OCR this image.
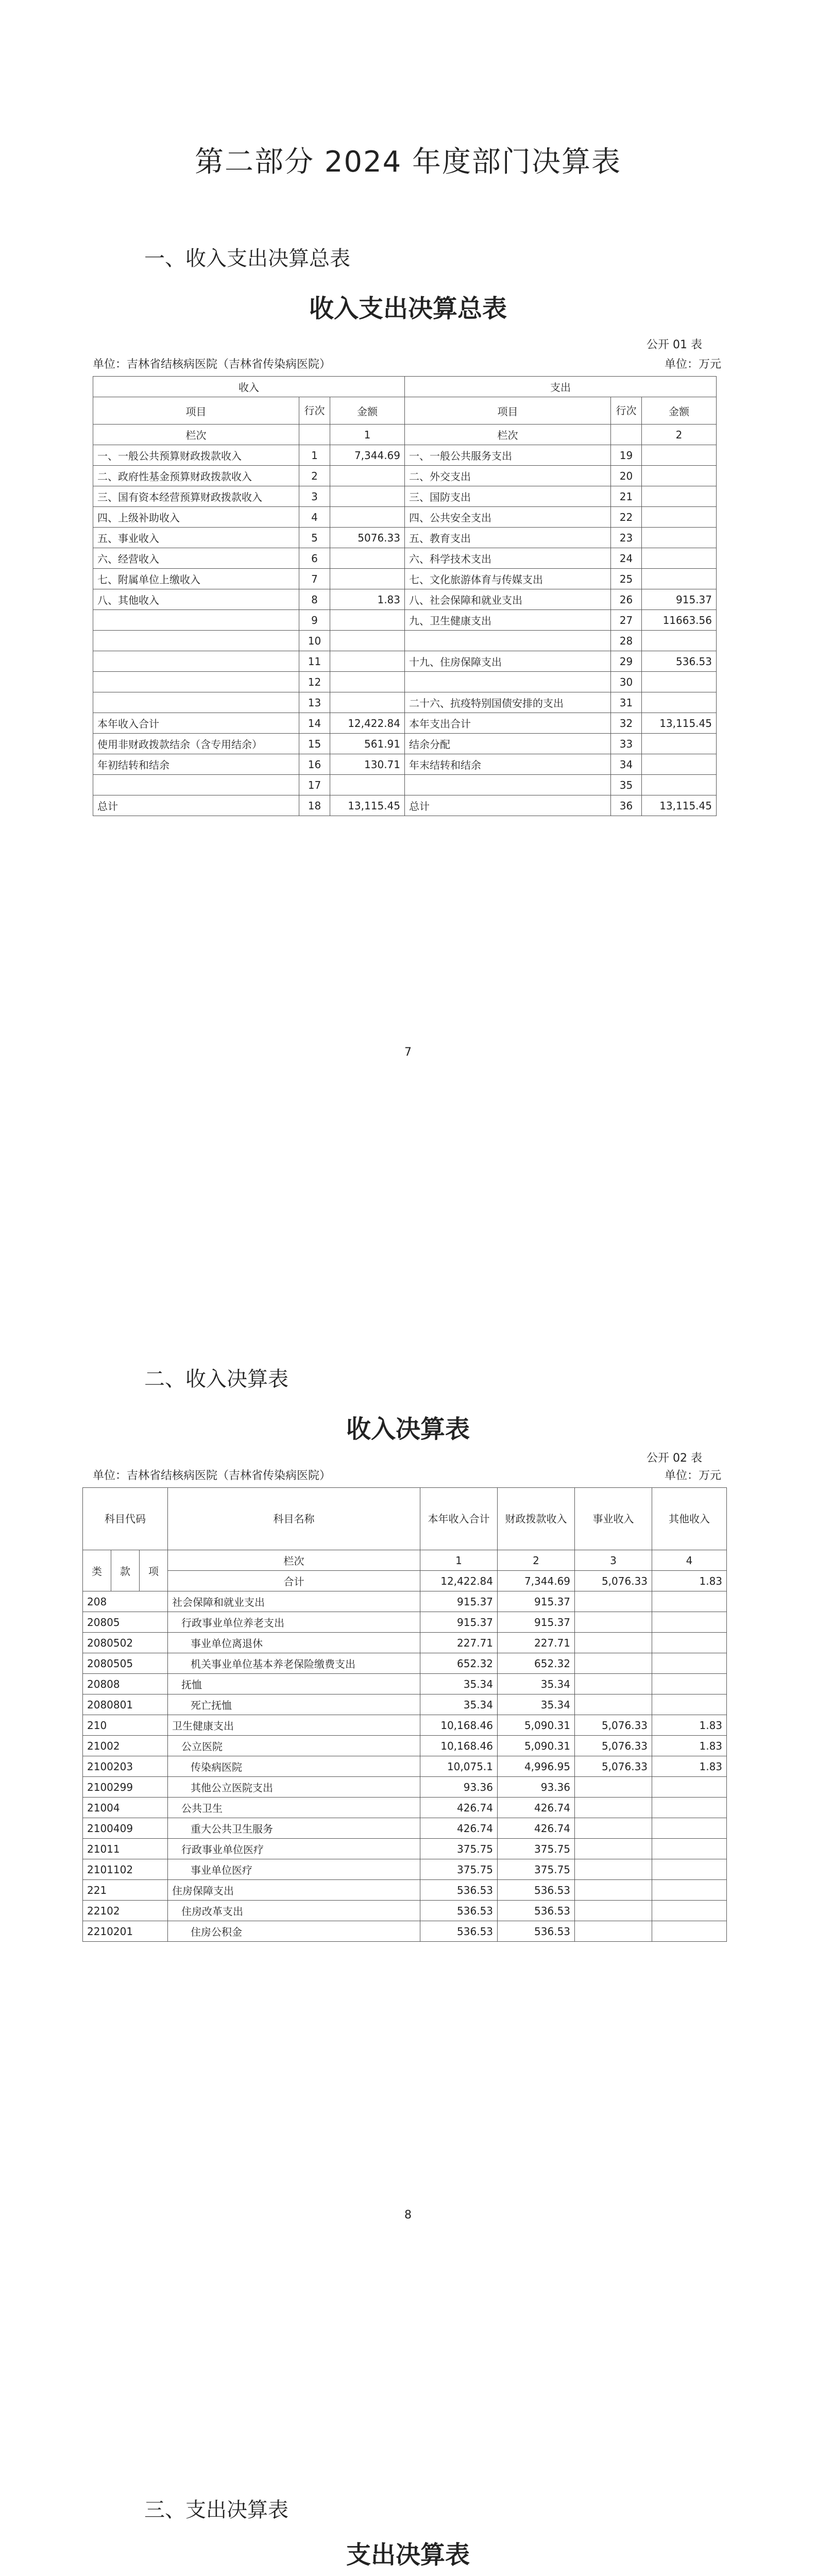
第二部分 2024 年度部门决算表
一、收入支出决算总表
收入支出决算总表
公开 01 表
单位：吉林省结核病医院（吉林省传染病医院）	单位：万元
收入			支出		
项目	行次	金额	项目	行次	金额
栏次		1	栏次		2
一、一般公共预算财政拨款收入	1	7,344.69	一、一般公共服务支出	19	
二、政府性基金预算财政拨款收入	2		二、外交支出	20	
三、国有资本经营预算财政拨款收入	3		三、国防支出	21	
四、上级补助收入	4		四、公共安全支出	22	
五、事业收入	5	5076.33	五、教育支出	23	
六、经营收入	6		六、科学技术支出	24	
七、附属单位上缴收入	7		七、文化旅游体育与传媒支出	25	
八、其他收入	8	1.83	八、社会保障和就业支出	26	915.37
	9		九、卫生健康支出	27	11663.56
	10			28	
	11		十九、住房保障支出	29	536.53
	12			30	
	13		二十六、抗疫特别国债安排的支出	31	
本年收入合计	14	12,422.84	本年支出合计	32	13,115.45
使用非财政拨款结余（含专用结余）	15	561.91	结余分配	33	
年初结转和结余	16	130.71	年末结转和结余	34	
	17			35	
总计	18	13,115.45	总计	36	13,115.45
7
二、收入决算表
收入决算表
公开 02 表
单位：吉林省结核病医院（吉林省传染病医院）	单位：万元
科目代码			科目名称	本年收入合计	财政拨款收入	事业收入	其他收入
类	款	项					
			栏次	1	2	3	4
			合计	12,422.84	7,344.69	5,076.33	1.83
208			社会保障和就业支出	915.37	915.37		
20805			行政事业单位养老支出	915.37	915.37		
2080502			事业单位离退休	227.71	227.71		
2080505			机关事业单位基本养老保险缴费支出	652.32	652.32		
20808			抚恤	35.34	35.34		
2080801			死亡抚恤	35.34	35.34		
210			卫生健康支出	10,168.46	5,090.31	5,076.33	1.83
21002			公立医院	10,168.46	5,090.31	5,076.33	1.83
2100203			传染病医院	10,075.1	4,996.95	5,076.33	1.83
2100299			其他公立医院支出	93.36	93.36		
21004			公共卫生	426.74	426.74		
2100409			重大公共卫生服务	426.74	426.74		
21011			行政事业单位医疗	375.75	375.75		
2101102			事业单位医疗	375.75	375.75		
221			住房保障支出	536.53	536.53		
22102			住房改革支出	536.53	536.53		
2210201			住房公积金	536.53	536.53		
8
三、支出决算表
支出决算表
